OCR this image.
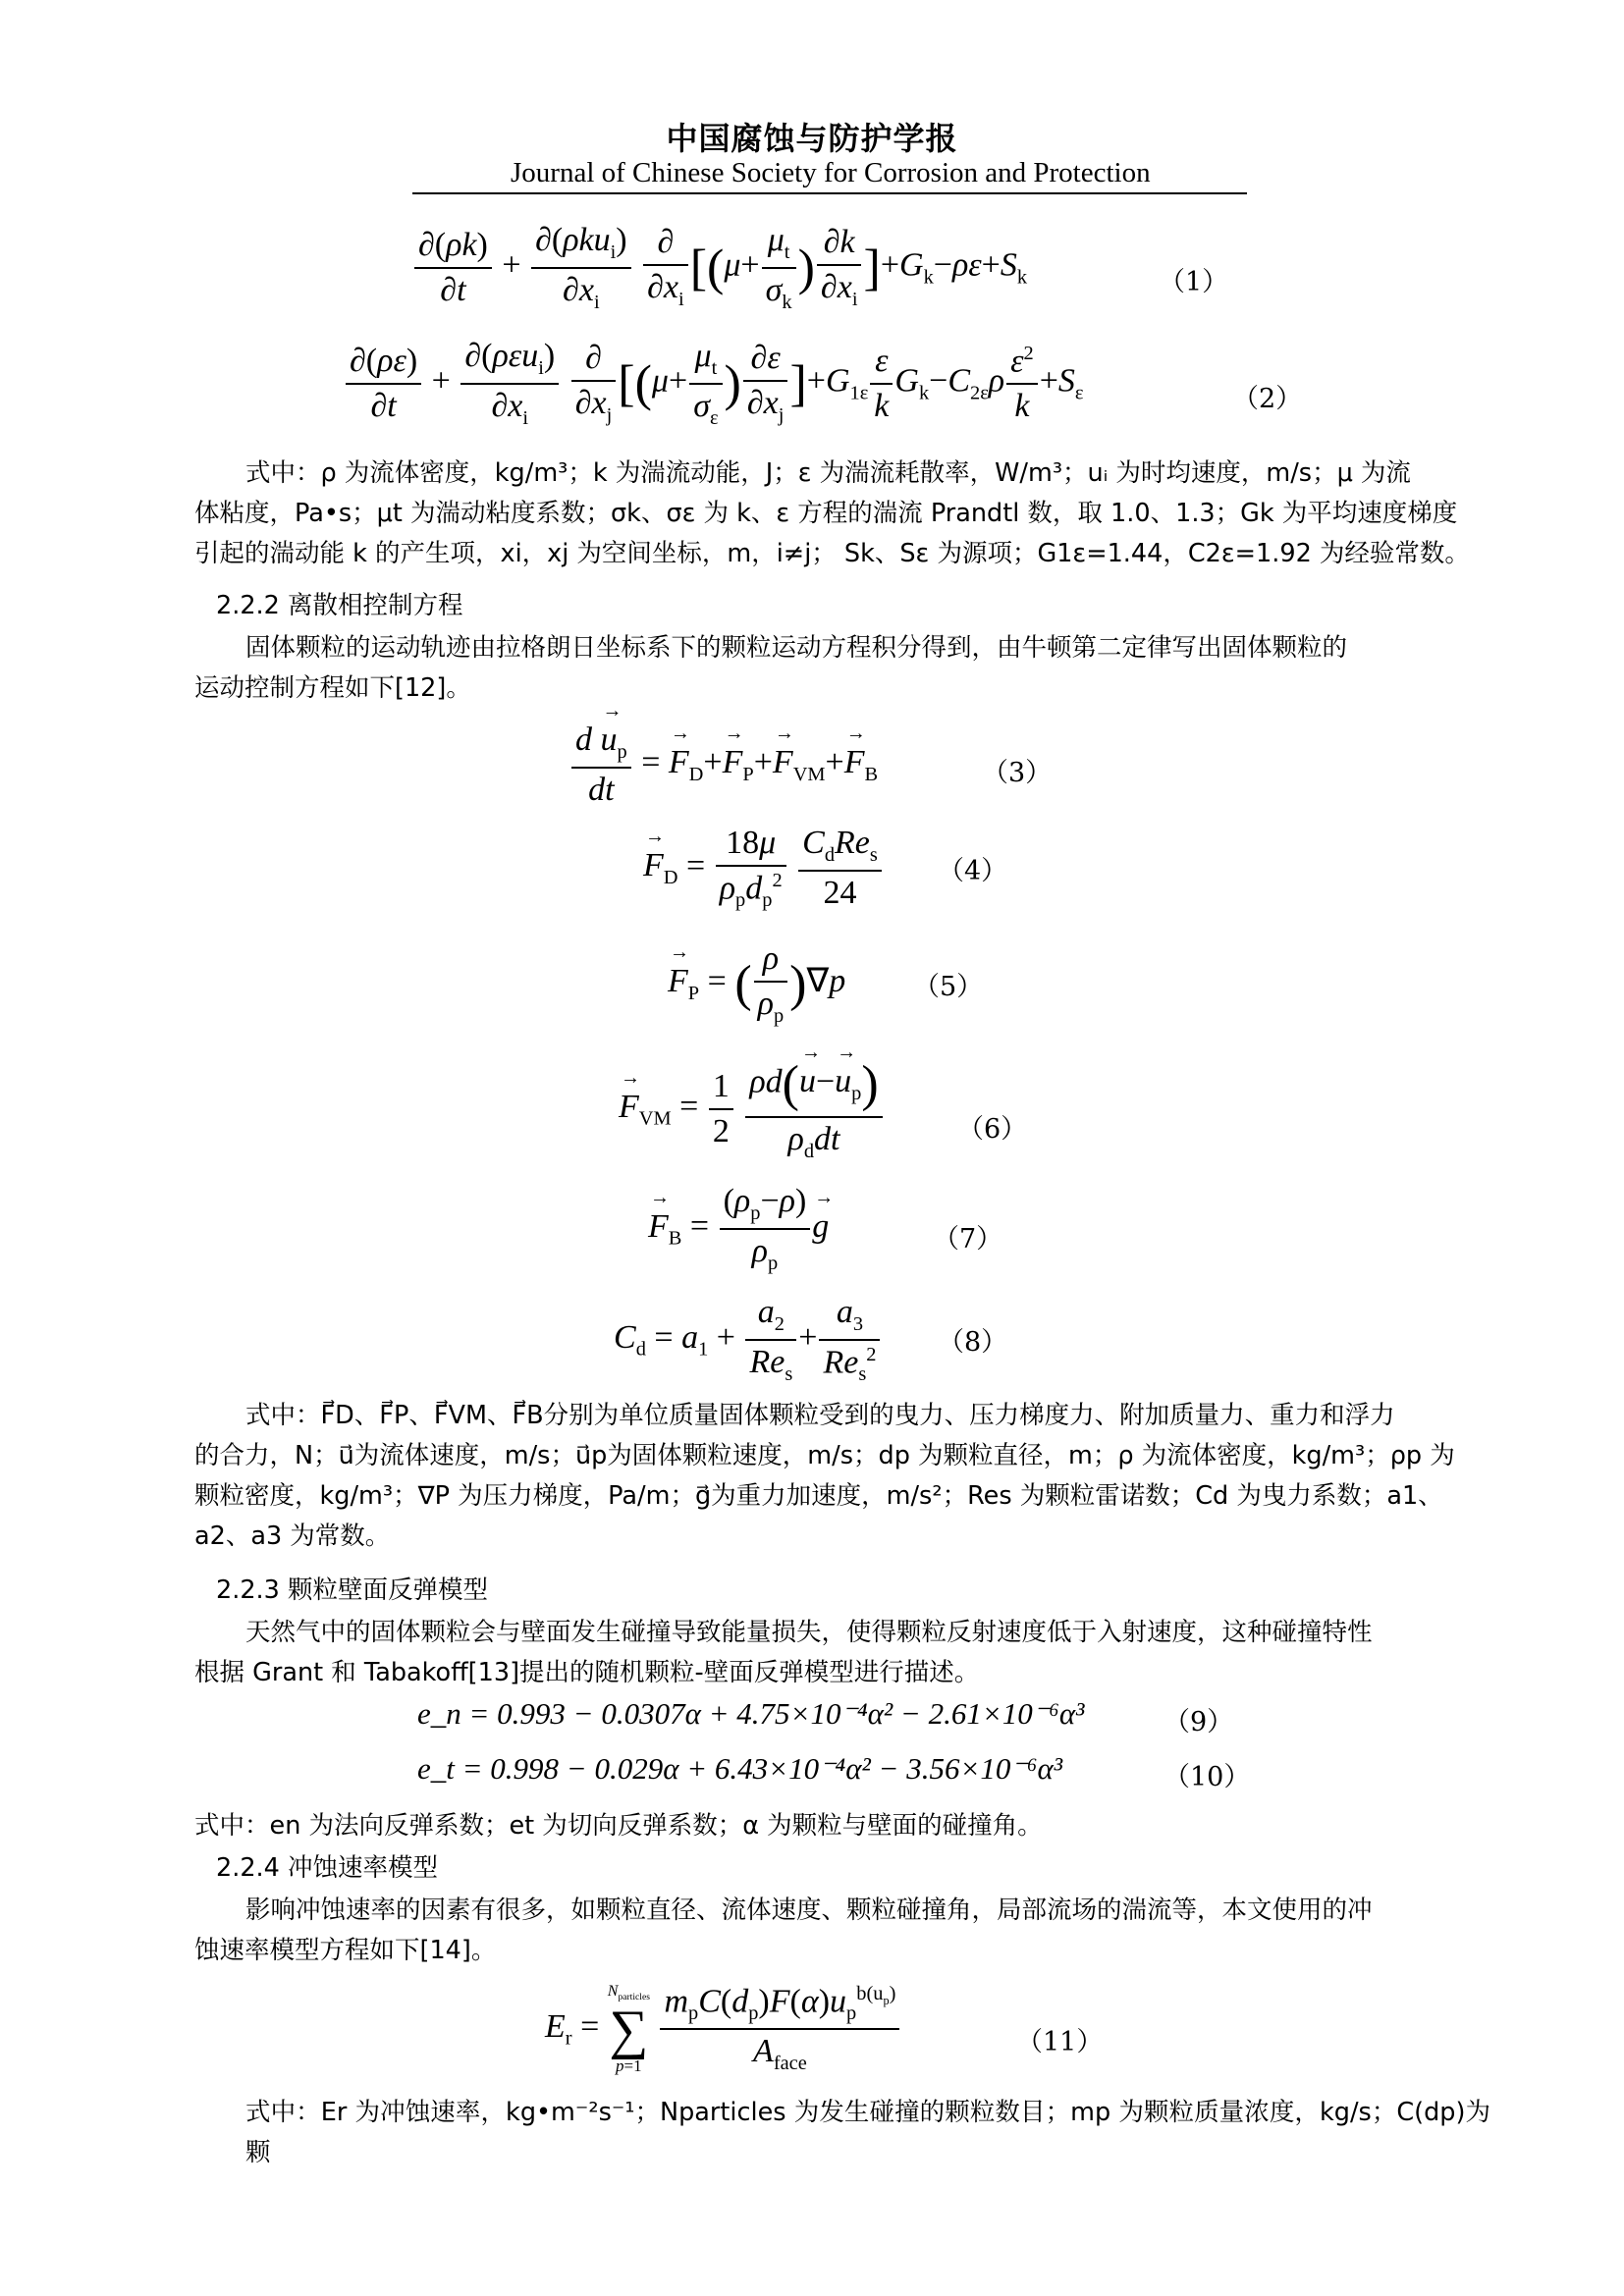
中国腐蚀与防护学报
Journal of Chinese Society for Corrosion and Protection
$\frac{\partial(\rho k)}{\partial t} + \frac{\partial(\rho ku_i)}{\partial x_i}$
$\frac{\partial}{\partial x_i} [(\mu+ \frac{\mu_t}{\sigma_k}$ ) $\frac{\partial k}{\partial x_i} ]+G_k-\rho\varepsilon+S_k$	（1）
$\frac{\partial(\rho\varepsilon)}{\partial t} + \frac{\partial(\rho\varepsilon u_i)}{\partial x_i}$
$\frac{\partial}{\partial x_j} [(\mu+ \frac{\mu_t}{\sigma_\varepsilon}$ ) $\frac{\partial\varepsilon}{\partial x_j} ]+G_{1\varepsilon} \frac{\varepsilon}{k} G_k-C_{2\varepsilon}\rho \frac{\varepsilon^2}{k} +S_\varepsilon$	（2）
式中：ρ 为流体密度，kg/m³；k 为湍流动能，J；ε 为湍流耗散率，W/m³；uᵢ 为时均速度，m/s；μ 为流
体粘度，Pa•s；μt 为湍动粘度系数；σk、σε 为 k、ε 方程的湍流 Prandtl 数，取 1.0、1.3；Gk 为平均速度梯度
引起的湍动能 k 的产生项，xi，xj 为空间坐标，m，i≠j； Sk、Sε 为源项；G1ε=1.44，C2ε=1.92 为经验常数。
2.2.2 离散相控制方程
固体颗粒的运动轨迹由拉格朗日坐标系下的颗粒运动方程积分得到，由牛顿第二定律写出固体颗粒的
运动控制方程如下[12]。
$\frac{d \to u_p}{dt}$ = → $F_D+\to F_P+\to F_{VM}+\to F_B$	（3）
→ $F_D = \frac{18\mu}{\rho_pd_p^2}$
$\frac{C_dRe_s}{24} (4)$
→ $F_P$ = ( $\frac{\rho}{\rho_p} )\nabla p$	（5）
→ $F_{VM} = \frac{1}{2}$
$\frac{\rho d(\to u-\to u_p)}{\rho_ddt}$	（6）
→ $F_B = \frac{(\rho_p-\rho)}{\rho_p}$
→ g	（7）
$C_d = a_1 + \frac{a_2}{Re_s} + \frac{a_3}{Re_s^2} (8)$
式中：F⃗D、F⃗P、F⃗VM、F⃗B分别为单位质量固体颗粒受到的曳力、压力梯度力、附加质量力、重力和浮力
的合力，N；u⃗为流体速度，m/s；u⃗p为固体颗粒速度，m/s；dp 为颗粒直径，m；ρ 为流体密度，kg/m³；ρp 为
颗粒密度，kg/m³；∇P 为压力梯度，Pa/m；g⃗为重力加速度，m/s²；Res 为颗粒雷诺数；Cd 为曳力系数；a1、
a2、a3 为常数。
2.2.3 颗粒壁面反弹模型
天然气中的固体颗粒会与壁面发生碰撞导致能量损失，使得颗粒反射速度低于入射速度，这种碰撞特性
根据 Grant 和 Tabakoff[13]提出的随机颗粒-壁面反弹模型进行描述。
e_n = 0.993 − 0.0307α + 4.75×10⁻⁴α² − 2.61×10⁻⁶α³	（9）
e_t = 0.998 − 0.029α + 6.43×10⁻⁴α² − 3.56×10⁻⁶α³	（10）
式中：en 为法向反弹系数；et 为切向反弹系数；α 为颗粒与壁面的碰撞角。
2.2.4 冲蚀速率模型
影响冲蚀速率的因素有很多，如颗粒直径、流体速度、颗粒碰撞角，局部流场的湍流等，本文使用的冲
蚀速率模型方程如下[14]。
$E_r$ =
$N_{particles}$
∑
p=1
$\frac{m_pC(d_p)F(\alpha)u_p^{b(u_p)}}{A_{face}}$	（11）
式中：Er 为冲蚀速率，kg•m⁻²s⁻¹；Nparticles 为发生碰撞的颗粒数目；mp 为颗粒质量浓度，kg/s；C(dp)为颗
